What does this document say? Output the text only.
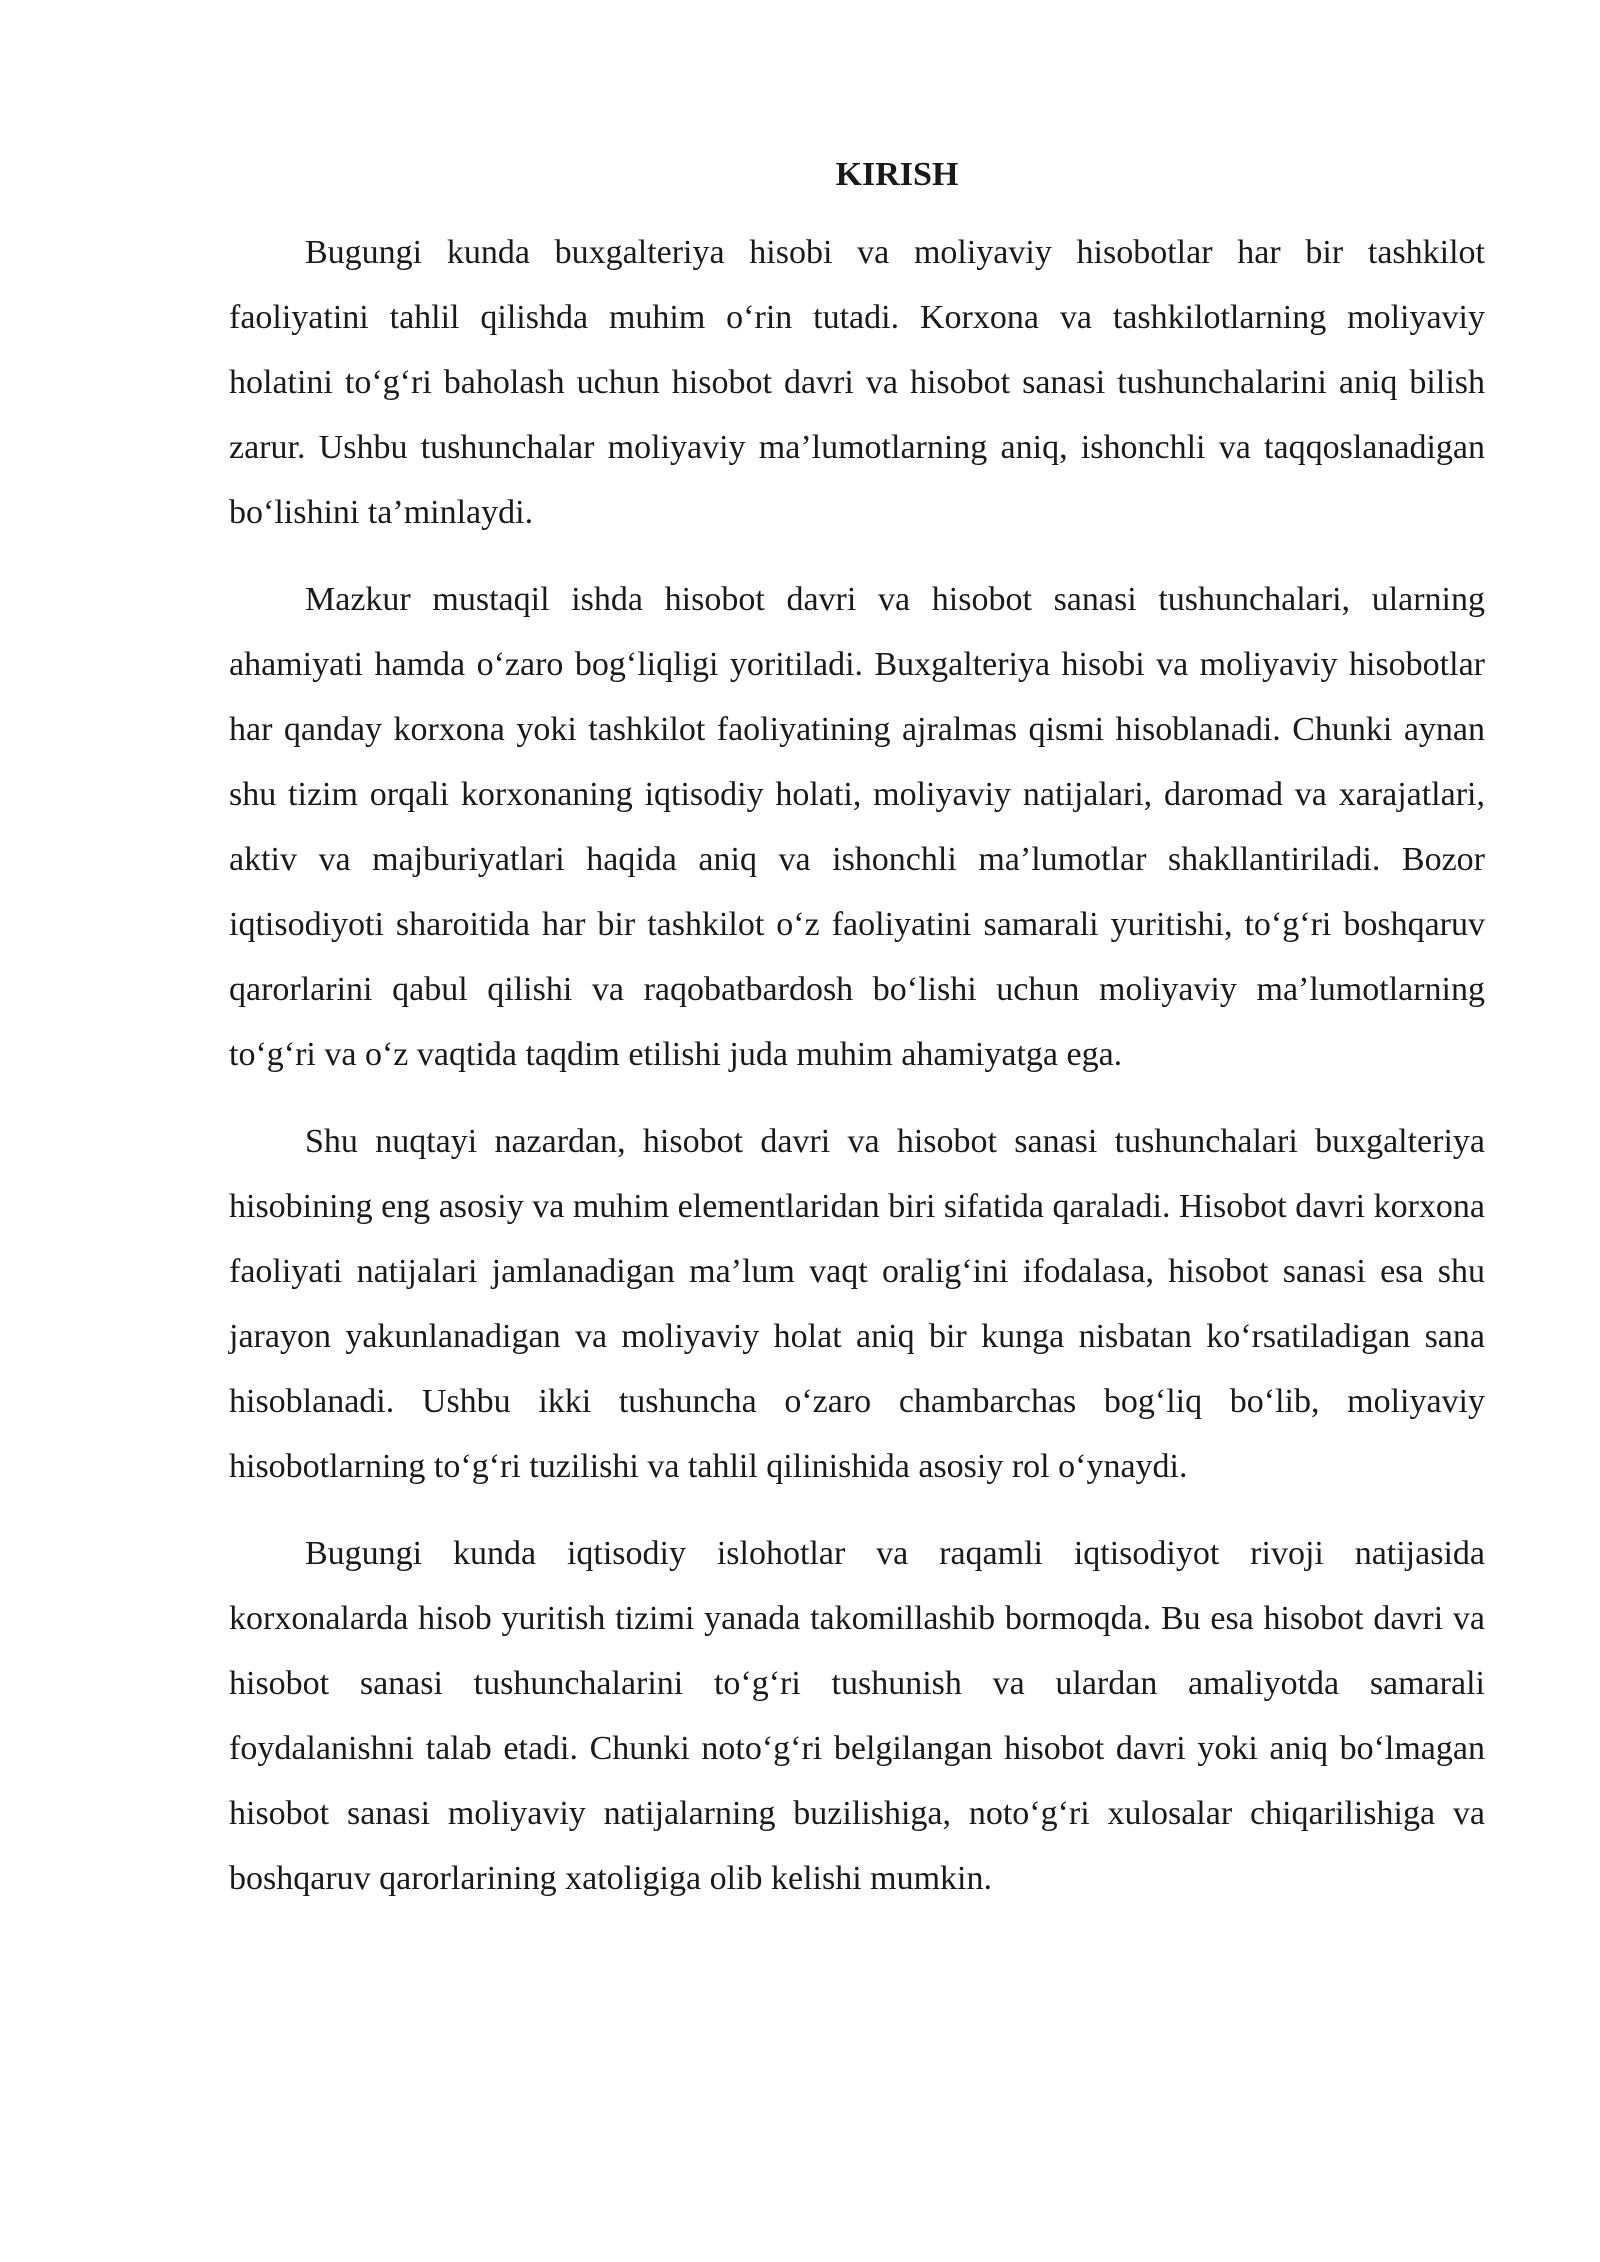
KIRISH

Bugungi kunda buxgalteriya hisobi va moliyaviy hisobotlar har bir tashkilot faoliyatini tahlil qilishda muhim o‘rin tutadi. Korxona va tashkilotlarning moliyaviy holatini to‘g‘ri baholash uchun hisobot davri va hisobot sanasi tushunchalarini aniq bilish zarur. Ushbu tushunchalar moliyaviy ma’lumotlarning aniq, ishonchli va taqqoslanadigan bo‘lishini ta’minlaydi.

Mazkur mustaqil ishda hisobot davri va hisobot sanasi tushunchalari, ularning ahamiyati hamda o‘zaro bog‘liqligi yoritiladi. Buxgalteriya hisobi va moliyaviy hisobotlar har qanday korxona yoki tashkilot faoliyatining ajralmas qismi hisoblanadi. Chunki aynan shu tizim orqali korxonaning iqtisodiy holati, moliyaviy natijalari, daromad va xarajatlari, aktiv va majburiyatlari haqida aniq va ishonchli ma’lumotlar shakllantiriladi. Bozor iqtisodiyoti sharoitida har bir tashkilot o‘z faoliyatini samarali yuritishi, to‘g‘ri boshqaruv qarorlarini qabul qilishi va raqobatbardosh bo‘lishi uchun moliyaviy ma’lumotlarning to‘g‘ri va o‘z vaqtida taqdim etilishi juda muhim ahamiyatga ega.

Shu nuqtayi nazardan, hisobot davri va hisobot sanasi tushunchalari buxgalteriya hisobining eng asosiy va muhim elementlaridan biri sifatida qaraladi. Hisobot davri korxona faoliyati natijalari jamlanadigan ma’lum vaqt oralig‘ini ifodalasa, hisobot sanasi esa shu jarayon yakunlanadigan va moliyaviy holat aniq bir kunga nisbatan ko‘rsatiladigan sana hisoblanadi. Ushbu ikki tushuncha o‘zaro chambarchas bog‘liq bo‘lib, moliyaviy hisobotlarning to‘g‘ri tuzilishi va tahlil qilinishida asosiy rol o‘ynaydi.

Bugungi kunda iqtisodiy islohotlar va raqamli iqtisodiyot rivoji natijasida korxonalarda hisob yuritish tizimi yanada takomillashib bormoqda. Bu esa hisobot davri va hisobot sanasi tushunchalarini to‘g‘ri tushunish va ulardan amaliyotda samarali foydalanishni talab etadi. Chunki noto‘g‘ri belgilangan hisobot davri yoki aniq bo‘lmagan hisobot sanasi moliyaviy natijalarning buzilishiga, noto‘g‘ri xulosalar chiqarilishiga va boshqaruv qarorlarining xatoligiga olib kelishi mumkin.
